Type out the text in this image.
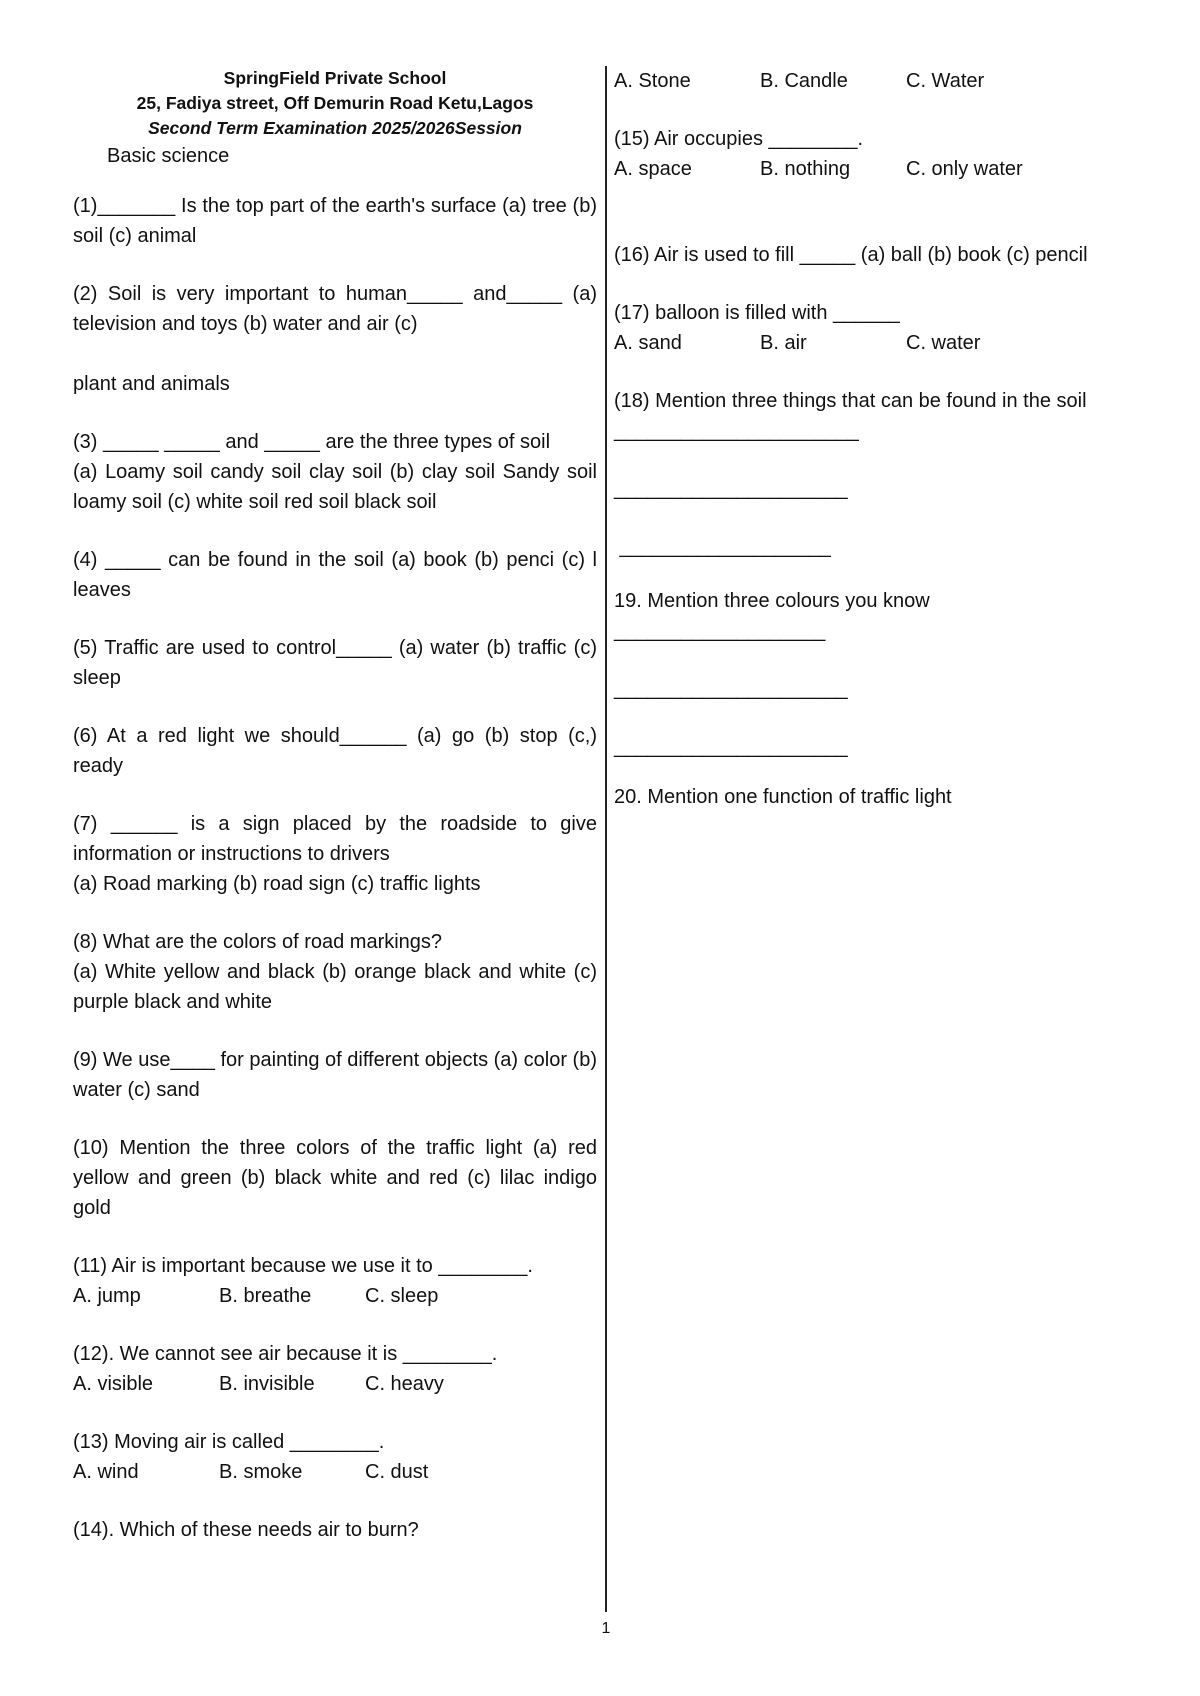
SpringField Private School
25, Fadiya street, Off Demurin Road Ketu,Lagos
Second Term Examination 2025/2026Session
Basic science

(1)_______ Is the top part of the earth's surface (a) tree (b) soil (c) animal

(2) Soil is very important to human_____ and_____ (a) television and toys (b) water and air (c)

plant and animals

(3) _____ _____ and _____ are the three types of soil

(a) Loamy soil candy soil clay soil (b) clay soil Sandy soil loamy soil (c) white soil red soil black soil

(4) _____ can be found in the soil (a) book (b) penci (c) l leaves

(5) Traffic are used to control_____ (a) water (b) traffic (c) sleep

(6) At a red light we should______ (a) go (b) stop (c,) ready

(7) ______ is a sign placed by the roadside to give information or instructions to drivers

(a) Road marking (b) road sign (c) traffic lights

(8) What are the colors of road markings?

(a) White yellow and black (b) orange black and white (c) purple black and white

(9) We use____ for painting of different objects (a) color (b) water (c) sand

(10) Mention the three colors of the traffic light (a) red yellow and green (b) black white and red (c) lilac indigo gold

(11) Air is important because we use it to ________.

A. jump	B. breathe	C. sleep

(12). We cannot see air because it is ________.

A. visible	B. invisible	C. heavy

(13) Moving air is called ________.

A. wind	B. smoke	C. dust

(14). Which of these needs air to burn?

A. Stone	B. Candle	C. Water

(15) Air occupies ________.

A. space	B. nothing	C. only water

(16) Air is used to fill _____ (a) ball (b) book (c) pencil

(17) balloon is filled with ______

A. sand	B. air	C. water

(18) Mention three things that can be found in the soil

______________________

_____________________

___________________

19. Mention three colours you know

___________________

_____________________

_____________________

20. Mention one function of traffic light

1
